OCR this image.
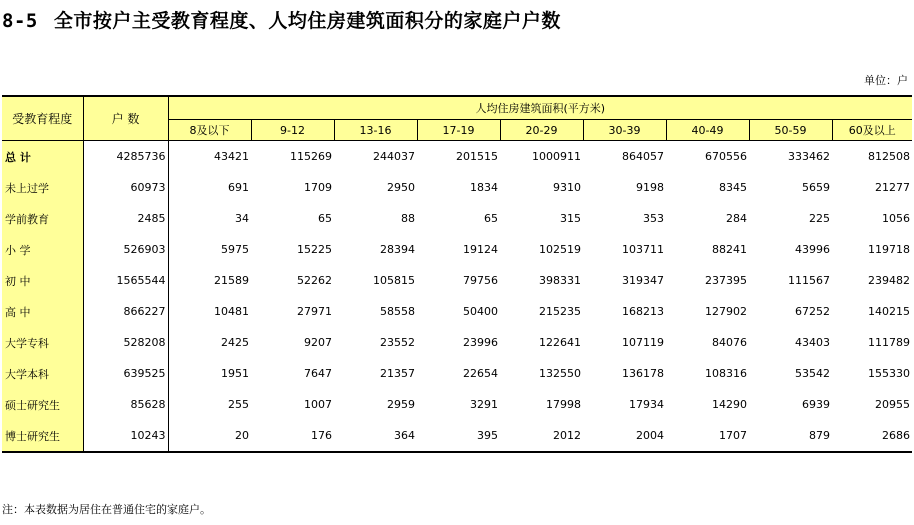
8-5 全市按户主受教育程度、人均住房建筑面积分的家庭户户数
单位：户
受教育程度	户 数	人均住房建筑面积(平方米)								
		8及以下	9-12	13-16	17-19	20-29	30-39	40-49	50-59	60及以上
总 计	4285736	43421	115269	244037	201515	1000911	864057	670556	333462	812508
未上过学	60973	691	1709	2950	1834	9310	9198	8345	5659	21277
学前教育	2485	34	65	88	65	315	353	284	225	1056
小 学	526903	5975	15225	28394	19124	102519	103711	88241	43996	119718
初 中	1565544	21589	52262	105815	79756	398331	319347	237395	111567	239482
高 中	866227	10481	27971	58558	50400	215235	168213	127902	67252	140215
大学专科	528208	2425	9207	23552	23996	122641	107119	84076	43403	111789
大学本科	639525	1951	7647	21357	22654	132550	136178	108316	53542	155330
硕士研究生	85628	255	1007	2959	3291	17998	17934	14290	6939	20955
博士研究生	10243	20	176	364	395	2012	2004	1707	879	2686
注：本表数据为居住在普通住宅的家庭户。
